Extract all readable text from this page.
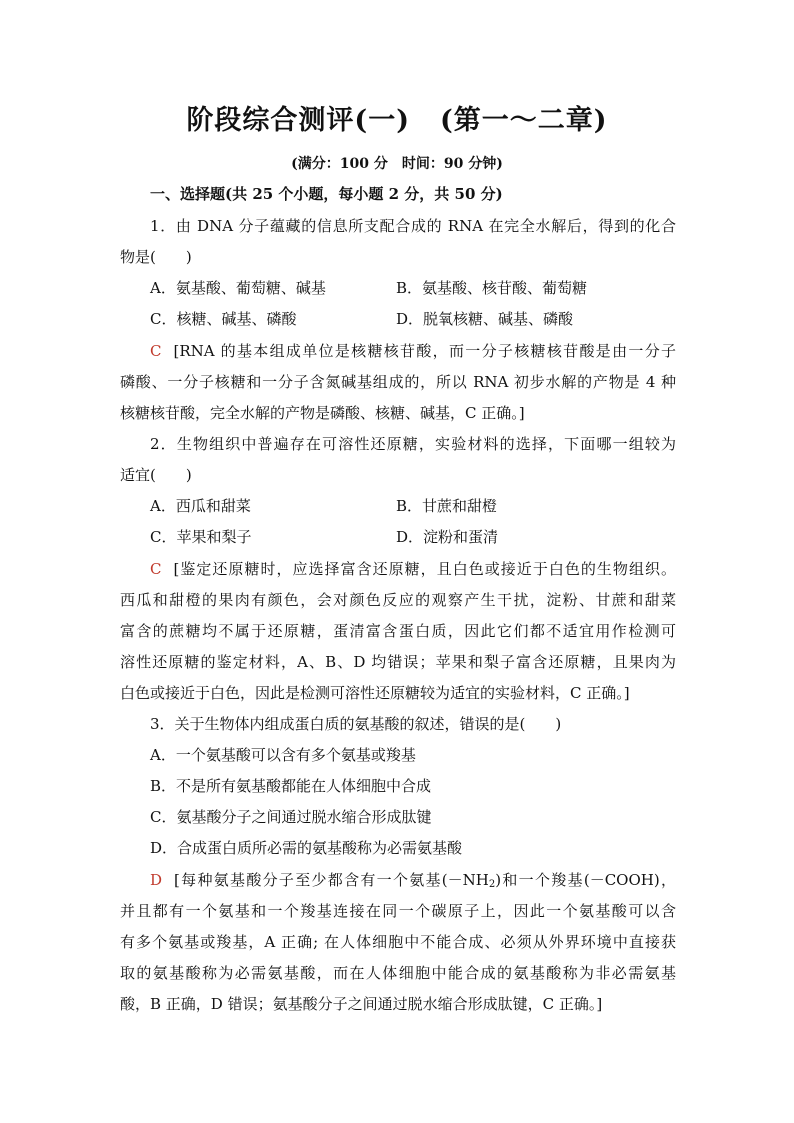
阶段综合测评(一) (第一～二章)
(满分：100 分　时间：90 分钟)
一、选择题(共 25 个小题，每小题 2 分，共 50 分)
1．由 DNA 分子蕴藏的信息所支配合成的 RNA 在完全水解后，得到的化合
物是(　　)
A．氨基酸、葡萄糖、碱基	B．氨基酸、核苷酸、葡萄糖
C．核糖、碱基、磷酸	D．脱氧核糖、碱基、磷酸
C [RNA 的基本组成单位是核糖核苷酸，而一分子核糖核苷酸是由一分子
磷酸、一分子核糖和一分子含氮碱基组成的，所以 RNA 初步水解的产物是 4 种
核糖核苷酸，完全水解的产物是磷酸、核糖、碱基，C 正确。]
2．生物组织中普遍存在可溶性还原糖，实验材料的选择，下面哪一组较为
适宜(　　)
A．西瓜和甜菜	B．甘蔗和甜橙
C．苹果和梨子	D．淀粉和蛋清
C [鉴定还原糖时，应选择富含还原糖，且白色或接近于白色的生物组织。
西瓜和甜橙的果肉有颜色，会对颜色反应的观察产生干扰，淀粉、甘蔗和甜菜
富含的蔗糖均不属于还原糖，蛋清富含蛋白质，因此它们都不适宜用作检测可
溶性还原糖的鉴定材料，A、B、D 均错误；苹果和梨子富含还原糖，且果肉为
白色或接近于白色，因此是检测可溶性还原糖较为适宜的实验材料，C 正确。]
3．关于生物体内组成蛋白质的氨基酸的叙述，错误的是(　　)
A．一个氨基酸可以含有多个氨基或羧基
B．不是所有氨基酸都能在人体细胞中合成
C．氨基酸分子之间通过脱水缩合形成肽键
D．合成蛋白质所必需的氨基酸称为必需氨基酸
D [每种氨基酸分子至少都含有一个氨基$(-NH_2)$和一个羧基(－COOH)，
并且都有一个氨基和一个羧基连接在同一个碳原子上，因此一个氨基酸可以含
有多个氨基或羧基，A 正确; 在人体细胞中不能合成、必须从外界环境中直接获
取的氨基酸称为必需氨基酸，而在人体细胞中能合成的氨基酸称为非必需氨基
酸，B 正确，D 错误；氨基酸分子之间通过脱水缩合形成肽键，C 正确。]
